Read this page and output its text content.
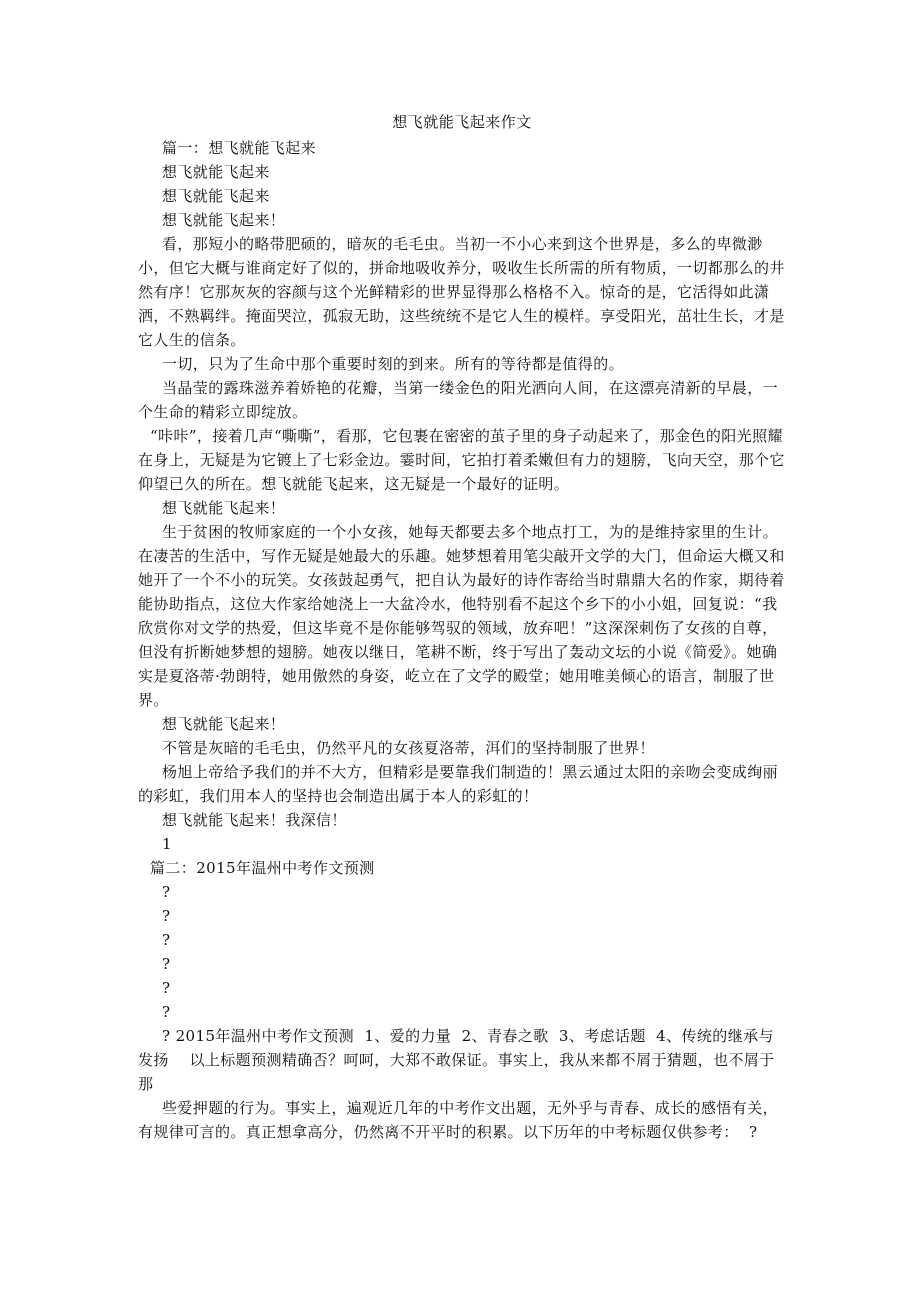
想飞就能飞起来作文

篇一：想飞就能飞起来

想飞就能飞起来

想飞就能飞起来

想飞就能飞起来！

看，那短小的略带肥硕的，暗灰的毛毛虫。当初一不小心来到这个世界是，多么的卑微渺小，但它大概与谁商定好了似的，拼命地吸收养分，吸收生长所需的所有物质，一切都那么的井然有序！它那灰灰的容颜与这个光鲜精彩的世界显得那么格格不入。惊奇的是，它活得如此潇洒，不熟羁绊。掩面哭泣，孤寂无助，这些统统不是它人生的模样。享受阳光，茁壮生长，才是它人生的信条。

一切，只为了生命中那个重要时刻的到来。所有的等待都是值得的。

当晶莹的露珠滋养着娇艳的花瓣，当第一缕金色的阳光洒向人间，在这漂亮清新的早晨，一个生命的精彩立即绽放。

“咔咔”，接着几声“嘶嘶”，看那，它包裹在密密的茧子里的身子动起来了，那金色的阳光照耀在身上，无疑是为它镀上了七彩金边。霎时间，它拍打着柔嫩但有力的翅膀，飞向天空，那个它仰望已久的所在。想飞就能飞起来，这无疑是一个最好的证明。

想飞就能飞起来！

生于贫困的牧师家庭的一个小女孩，她每天都要去多个地点打工，为的是维持家里的生计。在凄苦的生活中，写作无疑是她最大的乐趣。她梦想着用笔尖敲开文学的大门，但命运大概又和她开了一个不小的玩笑。女孩鼓起勇气，把自认为最好的诗作寄给当时鼎鼎大名的作家，期待着能协助指点，这位大作家给她浇上一大盆冷水，他特别看不起这个乡下的小小姐，回复说：“我欣赏你对文学的热爱，但这毕竟不是你能够驾驭的领域，放弃吧！”这深深刺伤了女孩的自尊，但没有折断她梦想的翅膀。她夜以继日，笔耕不断，终于写出了轰动文坛的小说《简爱》。她确实是夏洛蒂·勃朗特，她用傲然的身姿，屹立在了文学的殿堂；她用唯美倾心的语言，制服了世界。

想飞就能飞起来！

不管是灰暗的毛毛虫，仍然平凡的女孩夏洛蒂，洱们的坚持制服了世界！

杨旭上帝给予我们的并不大方，但精彩是要靠我们制造的！黑云通过太阳的亲吻会变成绚丽的彩虹，我们用本人的坚持也会制造出属于本人的彩虹的！

想飞就能飞起来！我深信！

1

篇二：2015年温州中考作文预测

?

?

?

?

?

?

? 2015年温州中考作文预测  1、爱的力量  2、青春之歌  3、考虑话题  4、传统的继承与发扬    以上标题预测精确否？呵呵，大郑不敢保证。事实上，我从来都不屑于猜题，也不屑于那

些爱押题的行为。事实上，遍观近几年的中考作文出题，无外乎与青春、成长的感悟有关，有规律可言的。真正想拿高分，仍然离不开平时的积累。以下历年的中考标题仅供参考：  ?
